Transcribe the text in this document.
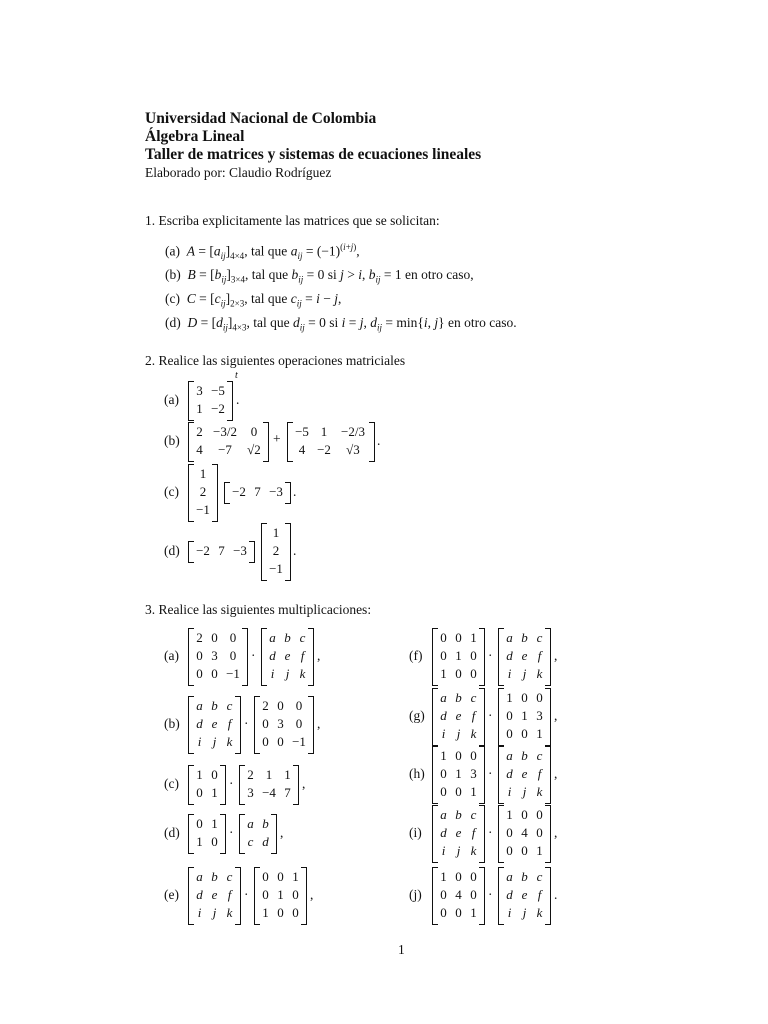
Universidad Nacional de Colombia
Álgebra Lineal
Taller de matrices y sistemas de ecuaciones lineales
Elaborado por: Claudio Rodríguez
1. Escriba explicitamente las matrices que se solicitan:
(a) $A = [a_{ij}]_{4\times 4}$, tal que $a_{ij} = (-1)^{(i+j)}$,
(b) $B = [b_{ij}]_{3\times 4}$, tal que $b_{ij} = 0$ si j > i, $b_{ij} = 1$ en otro caso,
(c) $C = [c_{ij}]_{2\times 3}$, tal que $c_{ij} = i - j$,
(d) $D = [d_{ij}]_{4\times 3}$, tal que $d_{ij} = 0$ si i = j, $d_{ij} = \min\{i$, j} en otro caso.
2. Realice las siguientes operaciones matriciales
(a)
3 −5
1 −2
t
.
(b)
2 −3/2	0
4	−7	√2
+	−5 1	−2/3
4 −2	√3
.
(c)
1
2
−1
−2 7 −3 .
(d)	−2 7 −3
1
2
−1
.
3. Realice las siguientes multiplicaciones:
(a)
2 0 0
0 3 0
0 0 −1
·
a b c
d e f
i j k
,
(b)
a b c
d e f
i j k
·
2 0 0
0 3 0
0 0 −1
,
(c)
1 0
0 1
·
2 1 1
3 −4 7
,
(d)
0 1
1 0
·
a b
c d
,
(e)
a b c
d e f
i j k
·
0 0 1
0 1 0
1 0 0
,
(f)
0 0 1
0 1 0
1 0 0
·
a b c
d e f
i j k
,
(g)
a b c
d e f
i j k
·
1 0 0
0 1 3
0 0 1
,
(h)
1 0 0
0 1 3
0 0 1
·
a b c
d e f
i j k
,
(i)
a b c
d e f
i j k
·
1 0 0
0 4 0
0 0 1
,
(j)
1 0 0
0 4 0
0 0 1
·
a b c
d e f
i j k
.
1
